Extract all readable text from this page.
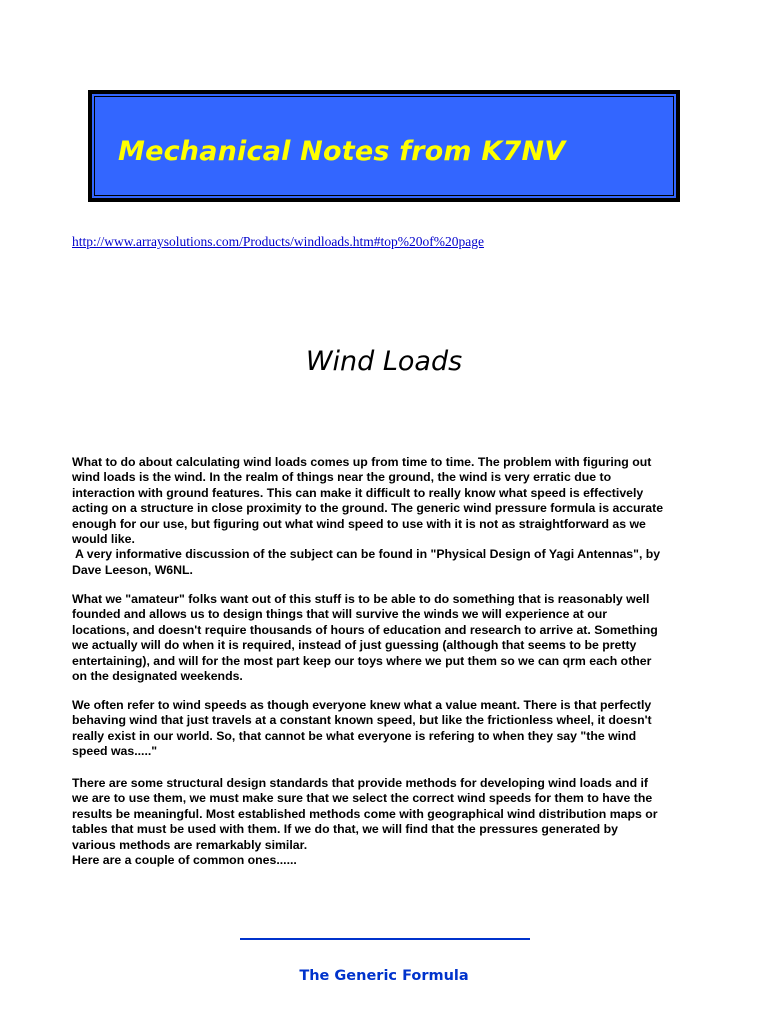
Mechanical Notes from K7NV
http://www.arraysolutions.com/Products/windloads.htm#top%20of%20page
Wind Loads
What to do about calculating wind loads comes up from time to time. The problem with figuring out
wind loads is the wind. In the realm of things near the ground, the wind is very erratic due to
interaction with ground features. This can make it difficult to really know what speed is effectively
acting on a structure in close proximity to the ground. The generic wind pressure formula is accurate
enough for our use, but figuring out what wind speed to use with it is not as straightforward as we
would like.
A very informative discussion of the subject can be found in "Physical Design of Yagi Antennas", by
Dave Leeson, W6NL.
What we "amateur" folks want out of this stuff is to be able to do something that is reasonably well
founded and allows us to design things that will survive the winds we will experience at our
locations, and doesn't require thousands of hours of education and research to arrive at. Something
we actually will do when it is required, instead of just guessing (although that seems to be pretty
entertaining), and will for the most part keep our toys where we put them so we can qrm each other
on the designated weekends.
We often refer to wind speeds as though everyone knew what a value meant. There is that perfectly
behaving wind that just travels at a constant known speed, but like the frictionless wheel, it doesn't
really exist in our world. So, that cannot be what everyone is refering to when they say "the wind
speed was....."
There are some structural design standards that provide methods for developing wind loads and if
we are to use them, we must make sure that we select the correct wind speeds for them to have the
results be meaningful. Most established methods come with geographical wind distribution maps or
tables that must be used with them. If we do that, we will find that the pressures generated by
various methods are remarkably similar.
Here are a couple of common ones......
The Generic Formula
